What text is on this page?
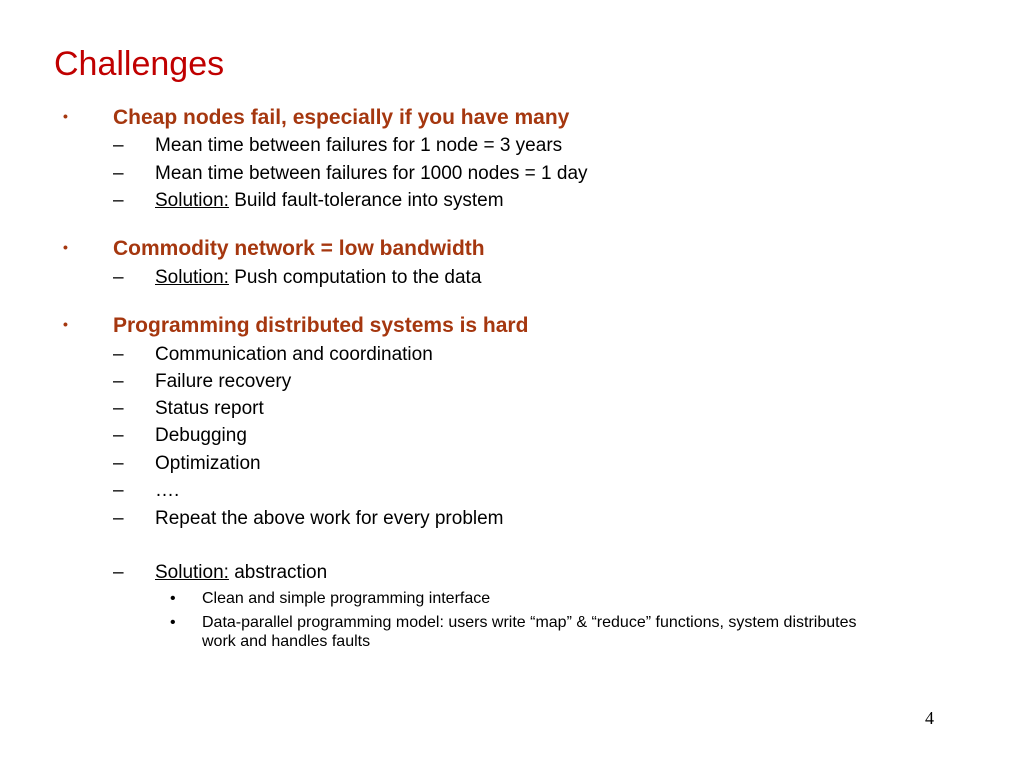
Challenges
• Cheap nodes fail, especially if you have many
– Mean time between failures for 1 node = 3 years
– Mean time between failures for 1000 nodes = 1 day
– Solution: Build fault-tolerance into system
• Commodity network = low bandwidth
– Solution: Push computation to the data
• Programming distributed systems is hard
– Communication and coordination
– Failure recovery
– Status report
– Debugging
– Optimization
– ….
– Repeat the above work for every problem
– Solution: abstraction
• Clean and simple programming interface
• Data-parallel programming model: users write “map” & “reduce” functions, system distributes
work and handles faults
4
